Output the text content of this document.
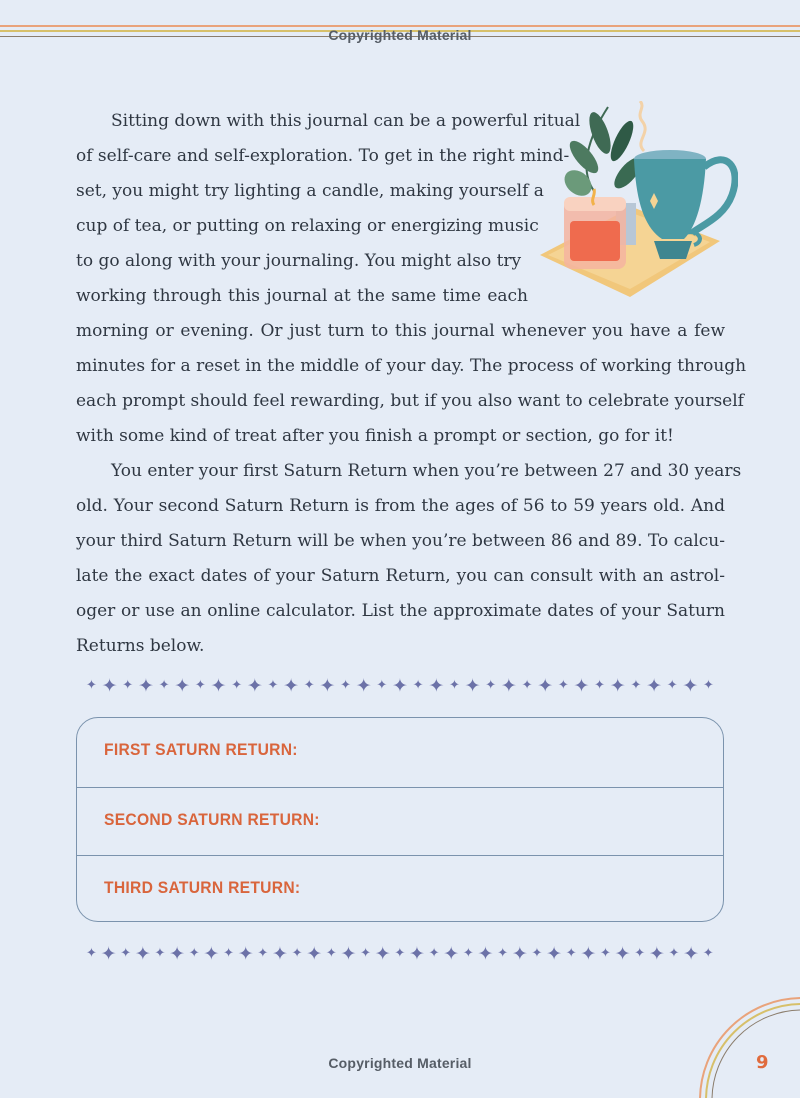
Copyrighted Material

Sitting down with this journal can be a powerful ritual
of self-care and self-exploration. To get in the right mind-
set, you might try lighting a candle, making yourself a
cup of tea, or putting on relaxing or energizing music
to go along with your journaling. You might also try
working through this journal at the same time each
morning or evening. Or just turn to this journal whenever you have a few
minutes for a reset in the middle of your day. The process of working through
each prompt should feel rewarding, but if you also want to celebrate yourself
with some kind of treat after you finish a prompt or section, go for it!

You enter your first Saturn Return when you’re between 27 and 30 years
old. Your second Saturn Return is from the ages of 56 to 59 years old. And
your third Saturn Return will be when you’re between 86 and 89. To calcu-
late the exact dates of your Saturn Return, you can consult with an astrol-
oger or use an online calculator. List the approximate dates of your Saturn
Returns below.

✦ ✦ ✦ ✦ ✦ ✦ ✦ ✦ ✦ ✦ ✦ ✦ ✦ ✦ ✦ ✦ ✦ ✦ ✦ ✦ ✦ ✦ ✦ ✦ ✦ ✦ ✦ ✦ ✦ ✦ ✦ ✦ ✦ ✦ ✦
FIRST SATURN RETURN:
SECOND SATURN RETURN:
THIRD SATURN RETURN:
✦ ✦ ✦ ✦ ✦ ✦ ✦ ✦ ✦ ✦ ✦ ✦ ✦ ✦ ✦ ✦ ✦ ✦ ✦ ✦ ✦ ✦ ✦ ✦ ✦ ✦ ✦ ✦ ✦ ✦ ✦ ✦ ✦ ✦ ✦ ✦ ✦
Copyrighted Material	9
